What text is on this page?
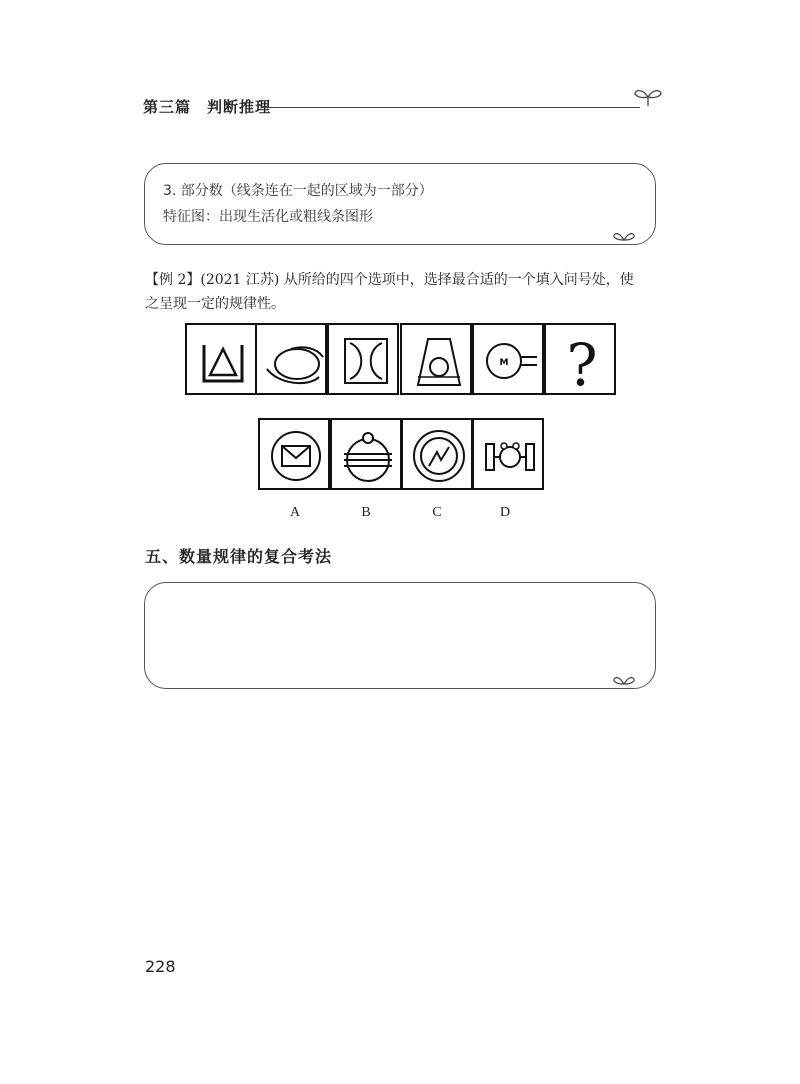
第三篇　判断推理
3. 部分数（线条连在一起的区域为一部分）
特征图：出现生活化或粗线条图形
【例 2】(2021 江苏) 从所给的四个选项中，选择最合适的一个填入问号处，使
之呈现一定的规律性。
M ?
A	B	C	D
五、数量规律的复合考法
228
